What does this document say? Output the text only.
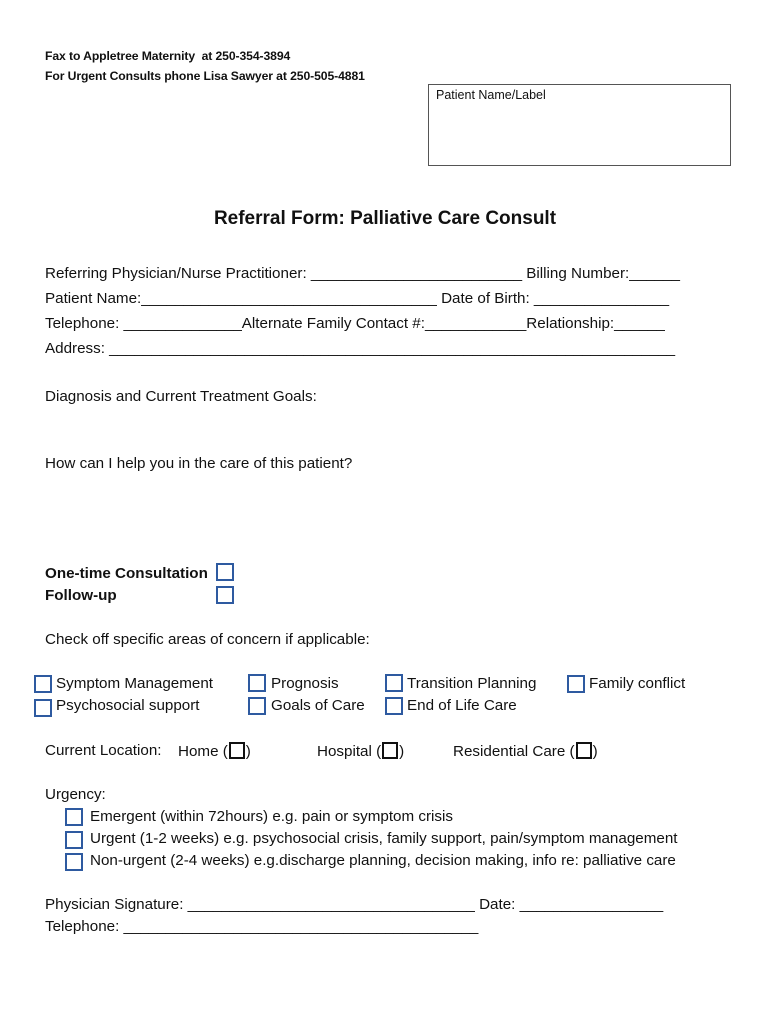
Fax to Appletree Maternity  at 250-354-3894
For Urgent Consults phone Lisa Sawyer at 250-505-4881
Patient Name/Label
Referral Form: Palliative Care Consult
Referring Physician/Nurse Practitioner: _________________________ Billing Number:______
Patient Name:___________________________________ Date of Birth: ________________
Telephone: ______________Alternate Family Contact #:____________Relationship:______
Address: ___________________________________________________________________
Diagnosis and Current Treatment Goals:
How can I help you in the care of this patient?
One-time Consultation
Follow-up
Check off specific areas of concern if applicable:
Symptom Management	Prognosis	Transition Planning	Family conflict
Psychosocial support	Goals of Care	End of Life Care
Current Location: Home ( )	Hospital ( )	Residential Care ( )
Urgency:
Emergent (within 72hours) e.g. pain or symptom crisis
Urgent (1-2 weeks) e.g. psychosocial crisis, family support, pain/symptom management
Non-urgent (2-4 weeks) e.g.discharge planning, decision making, info re: palliative care
Physician Signature: __________________________________ Date: _________________
Telephone: __________________________________________
